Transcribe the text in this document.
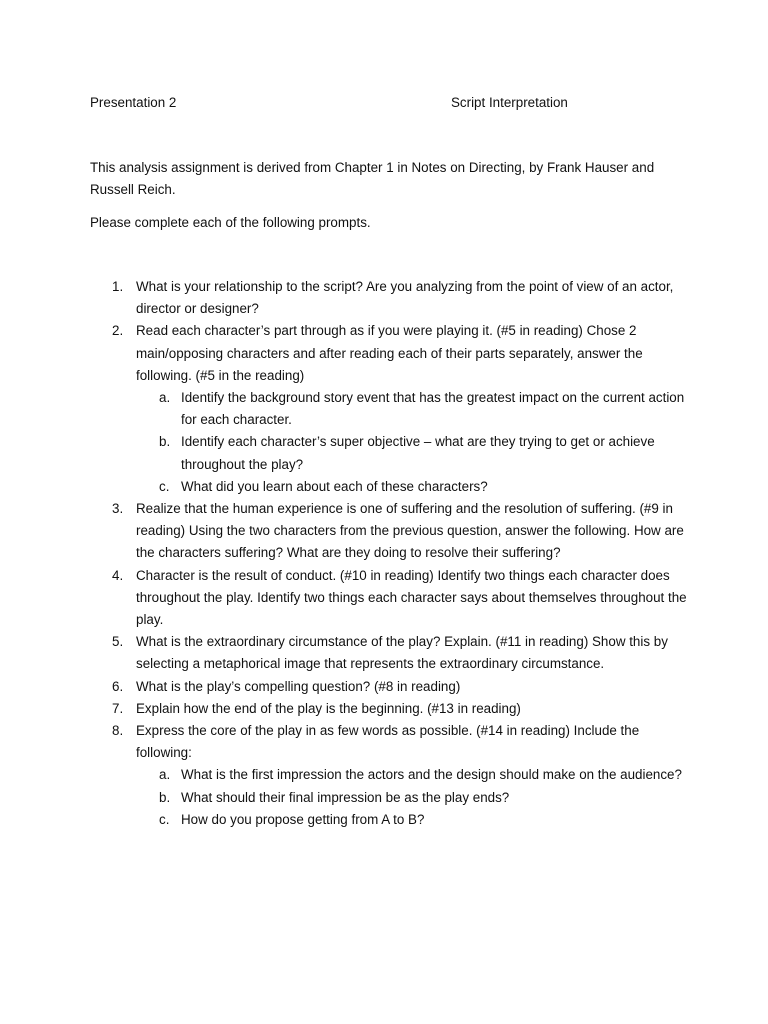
Presentation 2	Script Interpretation

This analysis assignment is derived from Chapter 1 in Notes on Directing, by Frank Hauser and Russell Reich.

Please complete each of the following prompts.

1. What is your relationship to the script? Are you analyzing from the point of view of an actor, director or designer?
2. Read each character’s part through as if you were playing it. (#5 in reading) Chose 2 main/opposing characters and after reading each of their parts separately, answer the following. (#5 in the reading)
a. Identify the background story event that has the greatest impact on the current action for each character.
b. Identify each character’s super objective – what are they trying to get or achieve throughout the play?
c. What did you learn about each of these characters?
3. Realize that the human experience is one of suffering and the resolution of suffering. (#9 in reading) Using the two characters from the previous question, answer the following. How are the characters suffering? What are they doing to resolve their suffering?
4. Character is the result of conduct. (#10 in reading) Identify two things each character does throughout the play. Identify two things each character says about themselves throughout the play.
5. What is the extraordinary circumstance of the play? Explain. (#11 in reading) Show this by selecting a metaphorical image that represents the extraordinary circumstance.
6. What is the play’s compelling question? (#8 in reading)
7. Explain how the end of the play is the beginning. (#13 in reading)
8. Express the core of the play in as few words as possible. (#14 in reading) Include the following:
a. What is the first impression the actors and the design should make on the audience?
b. What should their final impression be as the play ends?
c. How do you propose getting from A to B?
